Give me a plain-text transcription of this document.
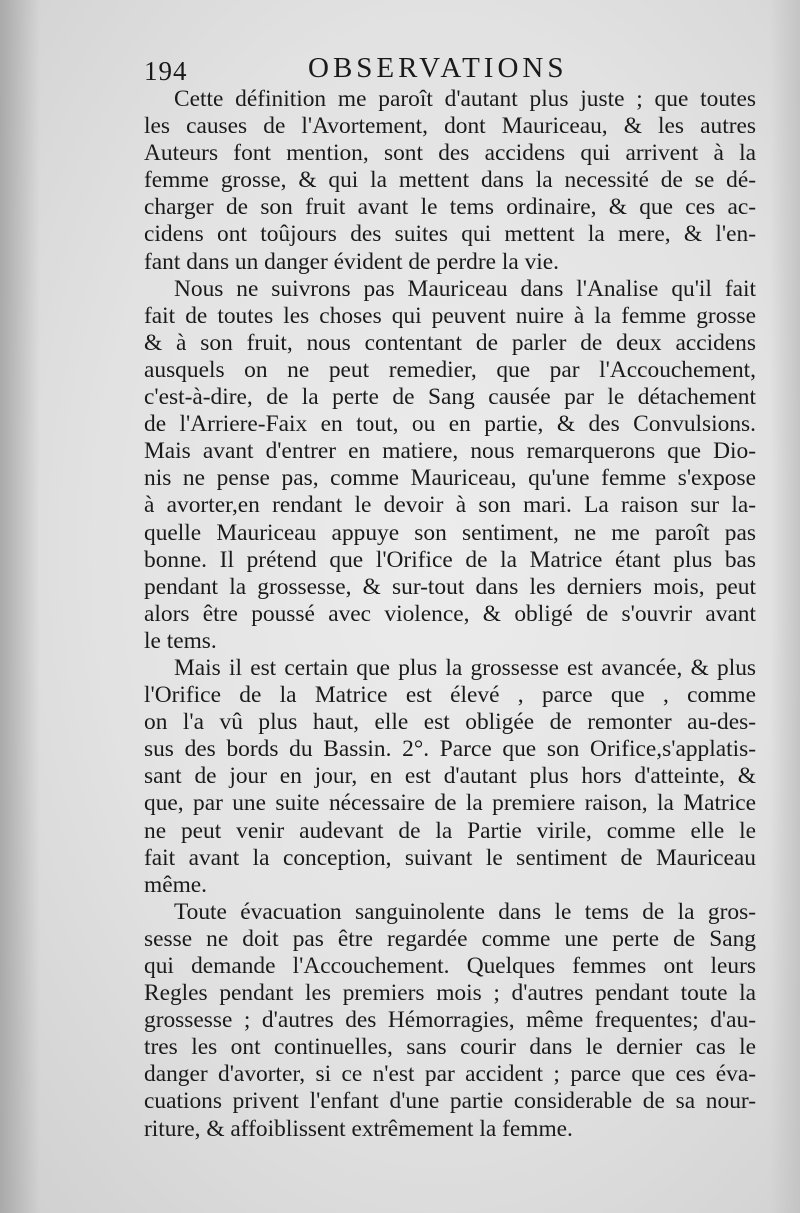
194	OBSERVATIONS
Cette définition me paroît d'autant plus juste ; que toutes
les causes de l'Avortement, dont Mauriceau, & les autres
Auteurs font mention, sont des accidens qui arrivent à la
femme grosse, & qui la mettent dans la necessité de se dé-
charger de son fruit avant le tems ordinaire, & que ces ac-
cidens ont toûjours des suites qui mettent la mere, & l'en-
fant dans un danger évident de perdre la vie.
Nous ne suivrons pas Mauriceau dans l'Analise qu'il fait
fait de toutes les choses qui peuvent nuire à la femme grosse
& à son fruit, nous contentant de parler de deux accidens
ausquels on ne peut remedier, que par l'Accouchement,
c'est-à-dire, de la perte de Sang causée par le détachement
de l'Arriere-Faix en tout, ou en partie, & des Convulsions.
Mais avant d'entrer en matiere, nous remarquerons que Dio-
nis ne pense pas, comme Mauriceau, qu'une femme s'expose
à avorter,en rendant le devoir à son mari. La raison sur la-
quelle Mauriceau appuye son sentiment, ne me paroît pas
bonne. Il prétend que l'Orifice de la Matrice étant plus bas
pendant la grossesse, & sur-tout dans les derniers mois, peut
alors être poussé avec violence, & obligé de s'ouvrir avant
le tems.
Mais il est certain que plus la grossesse est avancée, & plus
l'Orifice de la Matrice est élevé , parce que , comme
on l'a vû plus haut, elle est obligée de remonter au-des-
sus des bords du Bassin. 2°. Parce que son Orifice,s'applatis-
sant de jour en jour, en est d'autant plus hors d'atteinte, &
que, par une suite nécessaire de la premiere raison, la Matrice
ne peut venir audevant de la Partie virile, comme elle le
fait avant la conception, suivant le sentiment de Mauriceau
même.
Toute évacuation sanguinolente dans le tems de la gros-
sesse ne doit pas être regardée comme une perte de Sang
qui demande l'Accouchement. Quelques femmes ont leurs
Regles pendant les premiers mois ; d'autres pendant toute la
grossesse ; d'autres des Hémorragies, même frequentes; d'au-
tres les ont continuelles, sans courir dans le dernier cas le
danger d'avorter, si ce n'est par accident ; parce que ces éva-
cuations privent l'enfant d'une partie considerable de sa nour-
riture, & affoiblissent extrêmement la femme.
